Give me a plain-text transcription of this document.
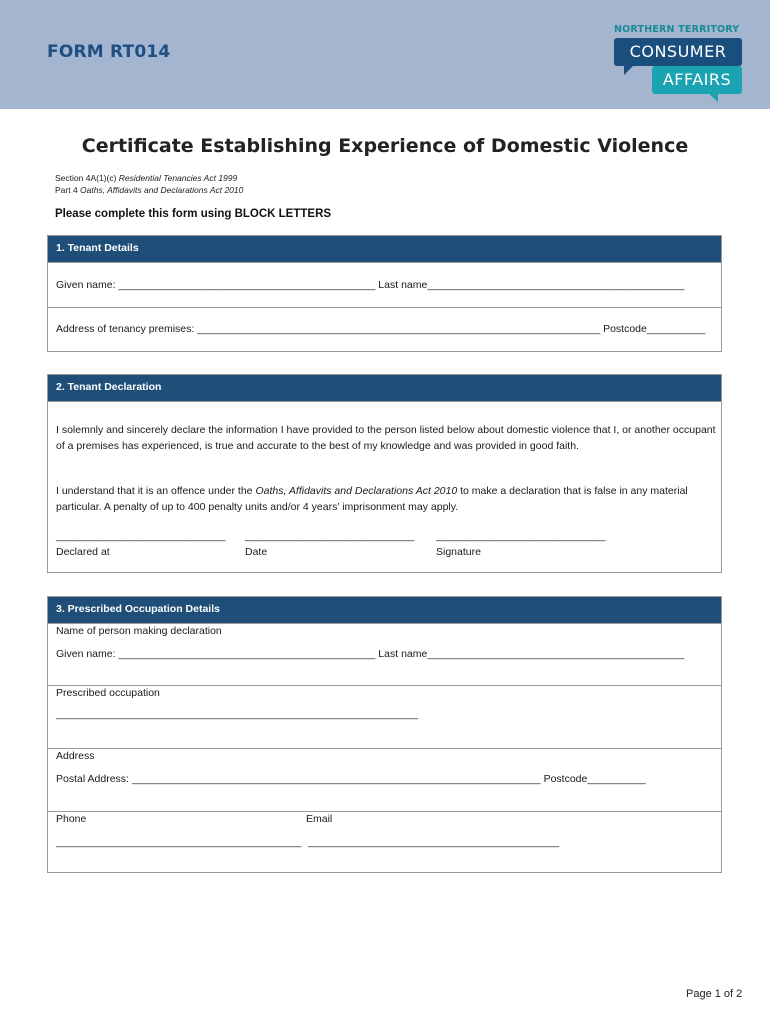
FORM RT014
NORTHERN TERRITORY
CONSUMER
AFFAIRS
Certificate Establishing Experience of Domestic Violence
Section 4A(1)(c) Residential Tenancies Act 1999
Part 4 Oaths, Affidavits and Declarations Act 2010
Please complete this form using BLOCK LETTERS
1. Tenant Details
Given name: ____________________________________________ Last name____________________________________________
Address of tenancy premises: _____________________________________________________________________ Postcode__________
2. Tenant Declaration
I solemnly and sincerely declare the information I have provided to the person listed below about domestic violence that I, or another occupant of a premises has experienced, is true and accurate to the best of my knowledge and was provided in good faith.
I understand that it is an offence under the Oaths, Affidavits and Declarations Act 2010 to make a declaration that is false in any material particular. A penalty of up to 400 penalty units and/or 4 years’ imprisonment may apply.
_____________________________ _____________________________ _____________________________
Declared at	Date	Signature
3. Prescribed Occupation Details
Name of person making declaration
Given name: ____________________________________________ Last name____________________________________________
Prescribed occupation
______________________________________________________________
Address
Postal Address: ______________________________________________________________________ Postcode__________
Phone	Email
__________________________________________ ___________________________________________
Page 1 of 2
